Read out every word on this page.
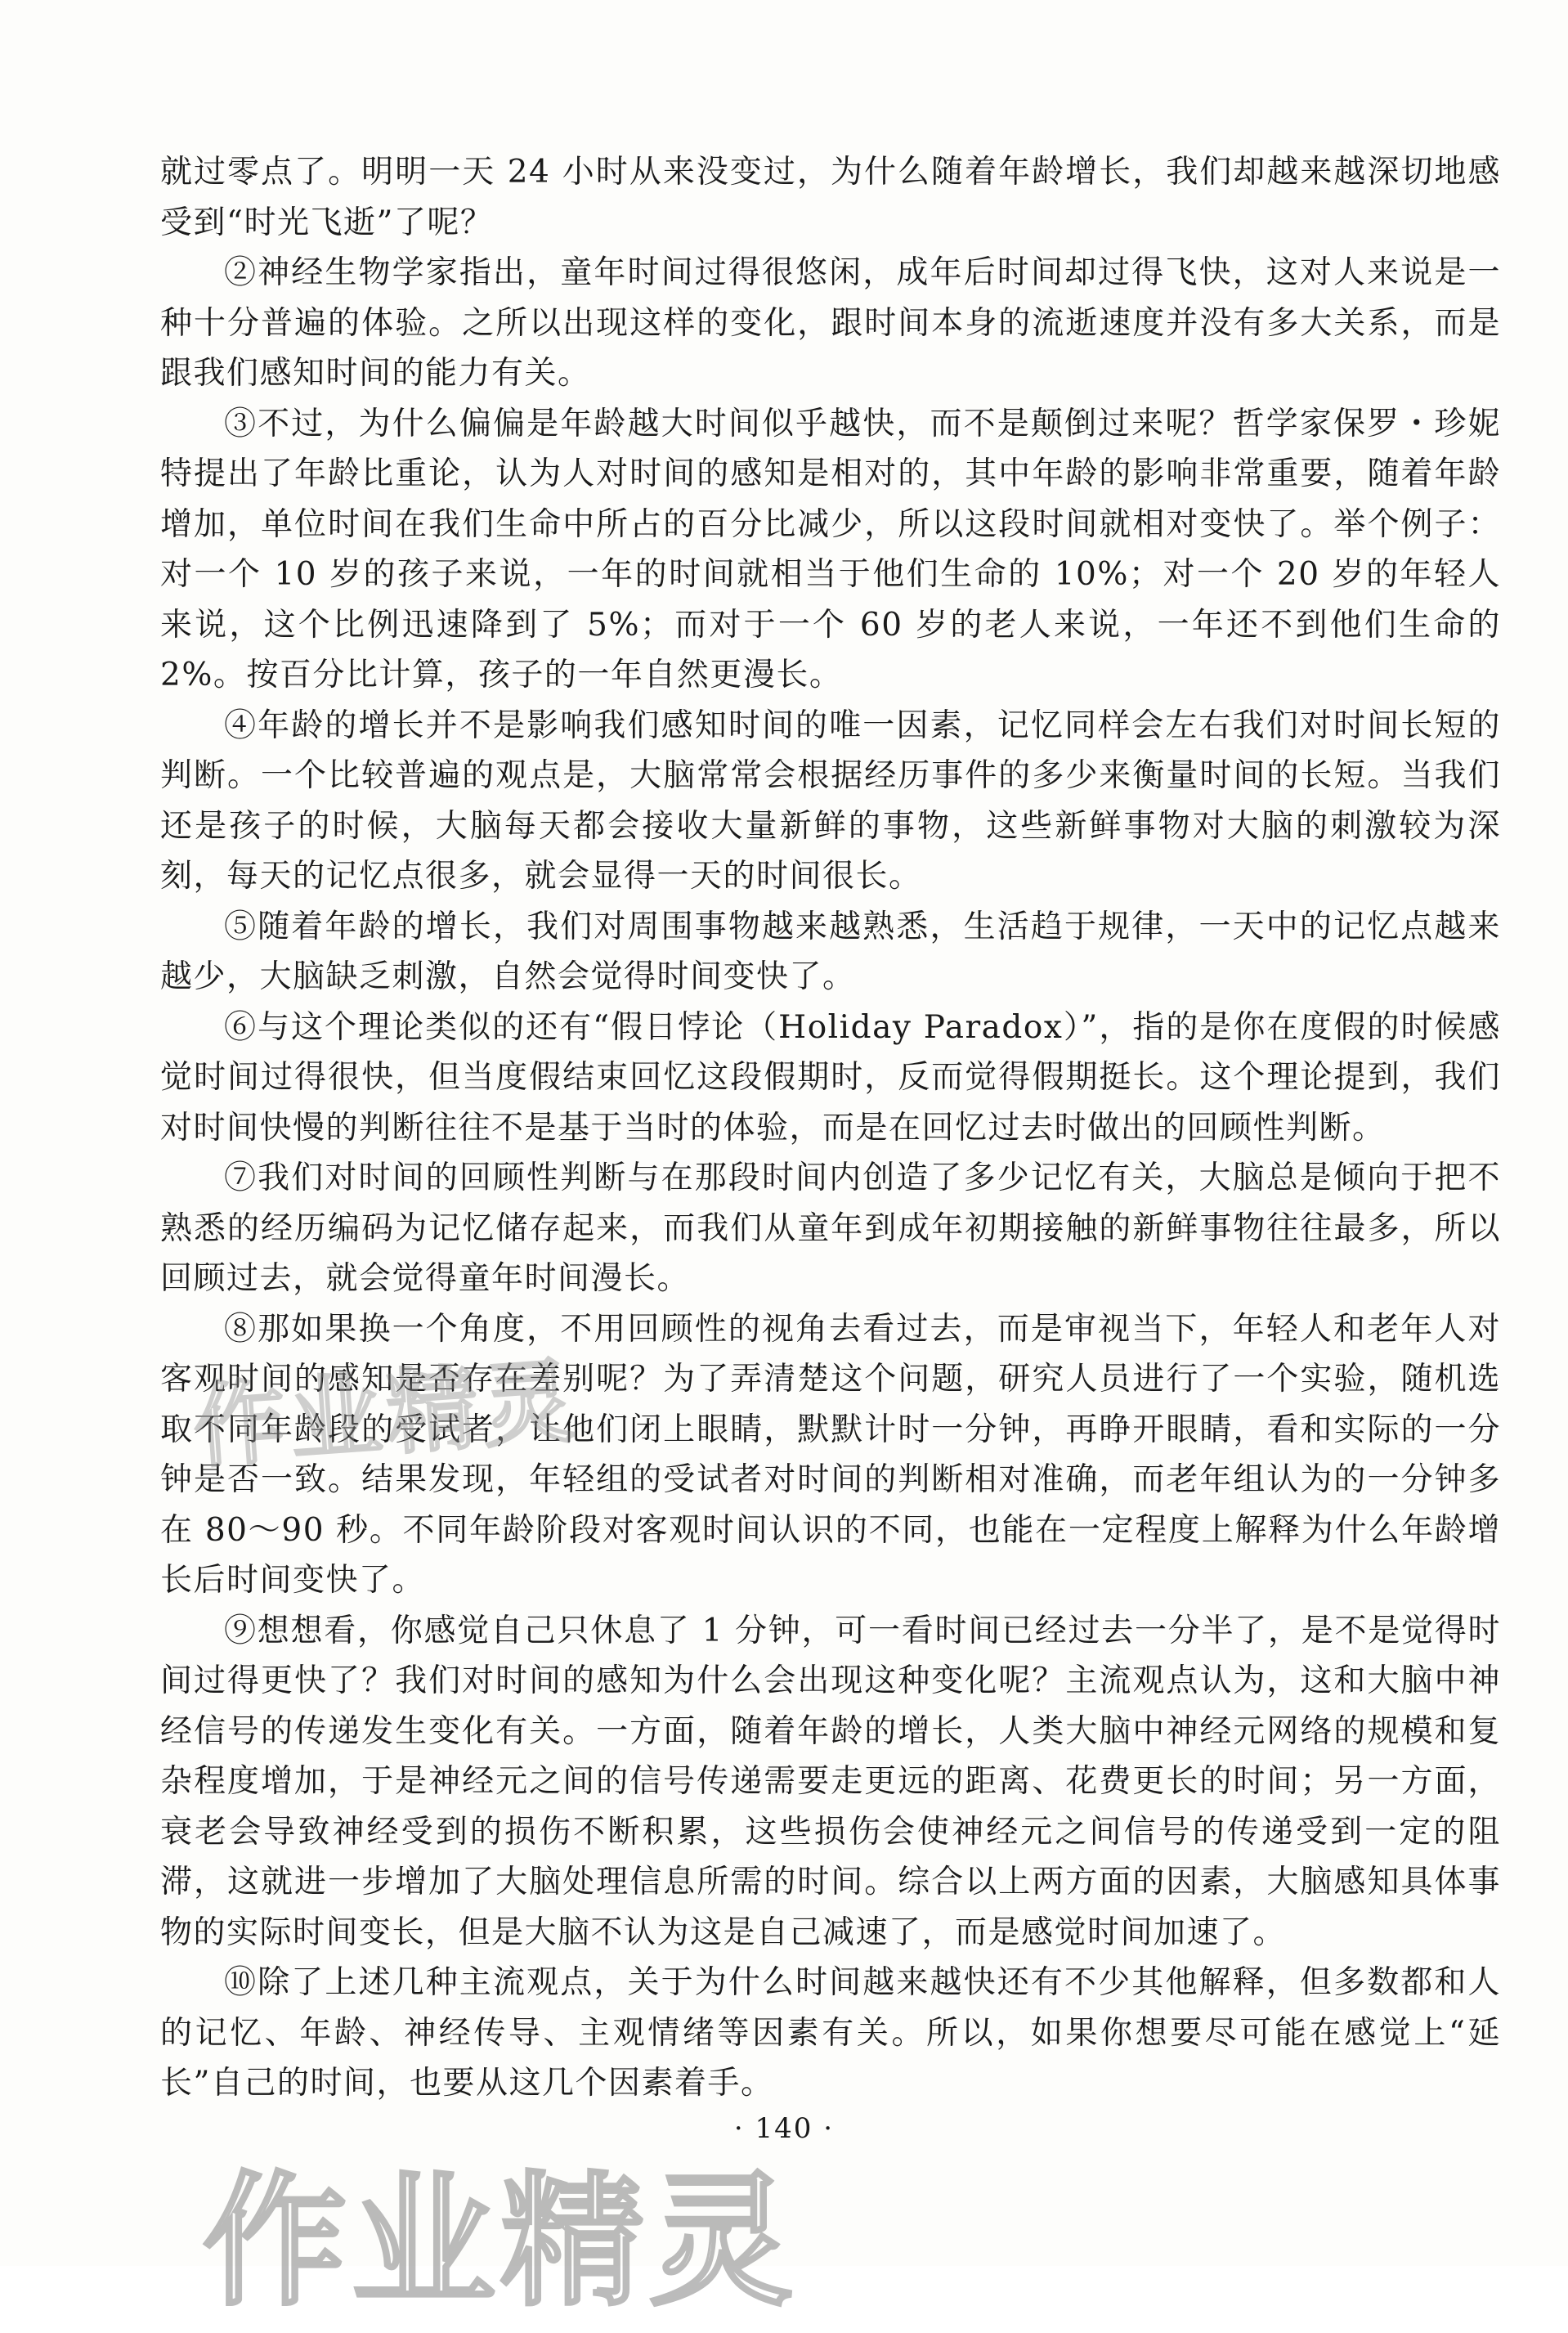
就过零点了。明明一天 24 小时从来没变过，为什么随着年龄增长，我们却越来越深切地感受到“时光飞逝”了呢？

②神经生物学家指出，童年时间过得很悠闲，成年后时间却过得飞快，这对人来说是一种十分普遍的体验。之所以出现这样的变化，跟时间本身的流逝速度并没有多大关系，而是跟我们感知时间的能力有关。

③不过，为什么偏偏是年龄越大时间似乎越快，而不是颠倒过来呢？哲学家保罗・珍妮特提出了年龄比重论，认为人对时间的感知是相对的，其中年龄的影响非常重要，随着年龄增加，单位时间在我们生命中所占的百分比减少，所以这段时间就相对变快了。举个例子：对一个 10 岁的孩子来说，一年的时间就相当于他们生命的 10%；对一个 20 岁的年轻人来说，这个比例迅速降到了 5%；而对于一个 60 岁的老人来说，一年还不到他们生命的 2%。按百分比计算，孩子的一年自然更漫长。

④年龄的增长并不是影响我们感知时间的唯一因素，记忆同样会左右我们对时间长短的判断。一个比较普遍的观点是，大脑常常会根据经历事件的多少来衡量时间的长短。当我们还是孩子的时候，大脑每天都会接收大量新鲜的事物，这些新鲜事物对大脑的刺激较为深刻，每天的记忆点很多，就会显得一天的时间很长。

⑤随着年龄的增长，我们对周围事物越来越熟悉，生活趋于规律，一天中的记忆点越来越少，大脑缺乏刺激，自然会觉得时间变快了。

⑥与这个理论类似的还有“假日悖论（Holiday Paradox）”，指的是你在度假的时候感觉时间过得很快，但当度假结束回忆这段假期时，反而觉得假期挺长。这个理论提到，我们对时间快慢的判断往往不是基于当时的体验，而是在回忆过去时做出的回顾性判断。

⑦我们对时间的回顾性判断与在那段时间内创造了多少记忆有关，大脑总是倾向于把不熟悉的经历编码为记忆储存起来，而我们从童年到成年初期接触的新鲜事物往往最多，所以回顾过去，就会觉得童年时间漫长。

⑧那如果换一个角度，不用回顾性的视角去看过去，而是审视当下，年轻人和老年人对客观时间的感知是否存在差别呢？为了弄清楚这个问题，研究人员进行了一个实验，随机选取不同年龄段的受试者，让他们闭上眼睛，默默计时一分钟，再睁开眼睛，看和实际的一分钟是否一致。结果发现，年轻组的受试者对时间的判断相对准确，而老年组认为的一分钟多在 80～90 秒。不同年龄阶段对客观时间认识的不同，也能在一定程度上解释为什么年龄增长后时间变快了。

⑨想想看，你感觉自己只休息了 1 分钟，可一看时间已经过去一分半了，是不是觉得时间过得更快了？我们对时间的感知为什么会出现这种变化呢？主流观点认为，这和大脑中神经信号的传递发生变化有关。一方面，随着年龄的增长，人类大脑中神经元网络的规模和复杂程度增加，于是神经元之间的信号传递需要走更远的距离、花费更长的时间；另一方面，衰老会导致神经受到的损伤不断积累，这些损伤会使神经元之间信号的传递受到一定的阻滞，这就进一步增加了大脑处理信息所需的时间。综合以上两方面的因素，大脑感知具体事物的实际时间变长，但是大脑不认为这是自己减速了，而是感觉时间加速了。

⑩除了上述几种主流观点，关于为什么时间越来越快还有不少其他解释，但多数都和人的记忆、年龄、神经传导、主观情绪等因素有关。所以，如果你想要尽可能在感觉上“延长”自己的时间，也要从这几个因素着手。

作业精灵
· 140 ·
作业精灵
